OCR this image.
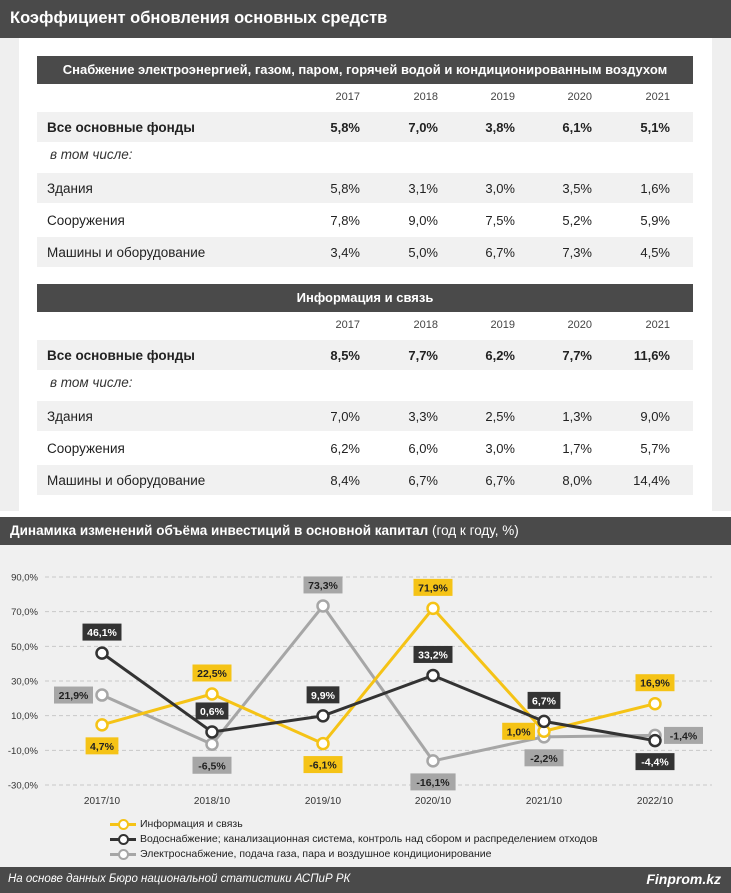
Коэффициент обновления основных средств
Снабжение электроэнергией, газом, паром, горячей водой и кондиционированным воздухом
2017	2018	2019	2020	2021
Все основные фонды	5,8%	7,0%	3,8%	6,1%	5,1%
в том числе:
Здания	5,8%	3,1%	3,0%	3,5%	1,6%
Сооружения	7,8%	9,0%	7,5%	5,2%	5,9%
Машины и оборудование	3,4%	5,0%	6,7%	7,3%	4,5%
Информация и связь
2017	2018	2019	2020	2021
Все основные фонды	8,5%	7,7%	6,2%	7,7%	11,6%
в том числе:
Здания	7,0%	3,3%	2,5%	1,3%	9,0%
Сооружения	6,2%	6,0%	3,0%	1,7%	5,7%
Машины и оборудование	8,4%	6,7%	6,7%	8,0%	14,4%
Динамика изменений объёма инвестиций в основной капитал (год к году, %)
90,0%
70,0%
50,0%
30,0%
10,0%
-10,0%
-30,0%
2017/10	2018/10	2019/10	2020/10	2021/10	2022/10
4,7%
22,5%
-6,1%
71,9%
1,0%
16,9%
46,1%
0,6%
9,9%
33,2%
6,7%
-4,4%
21,9%
-6,5%
73,3%
-16,1%
-2,2%
-1,4%
Информация и связь
Водоснабжение; канализационная система, контроль над сбором и распределением отходов
Электроснабжение, подача газа, пара и воздушное кондиционирование
На основе данных Бюро национальной статистики АСПиР РК	Finprom.kz
